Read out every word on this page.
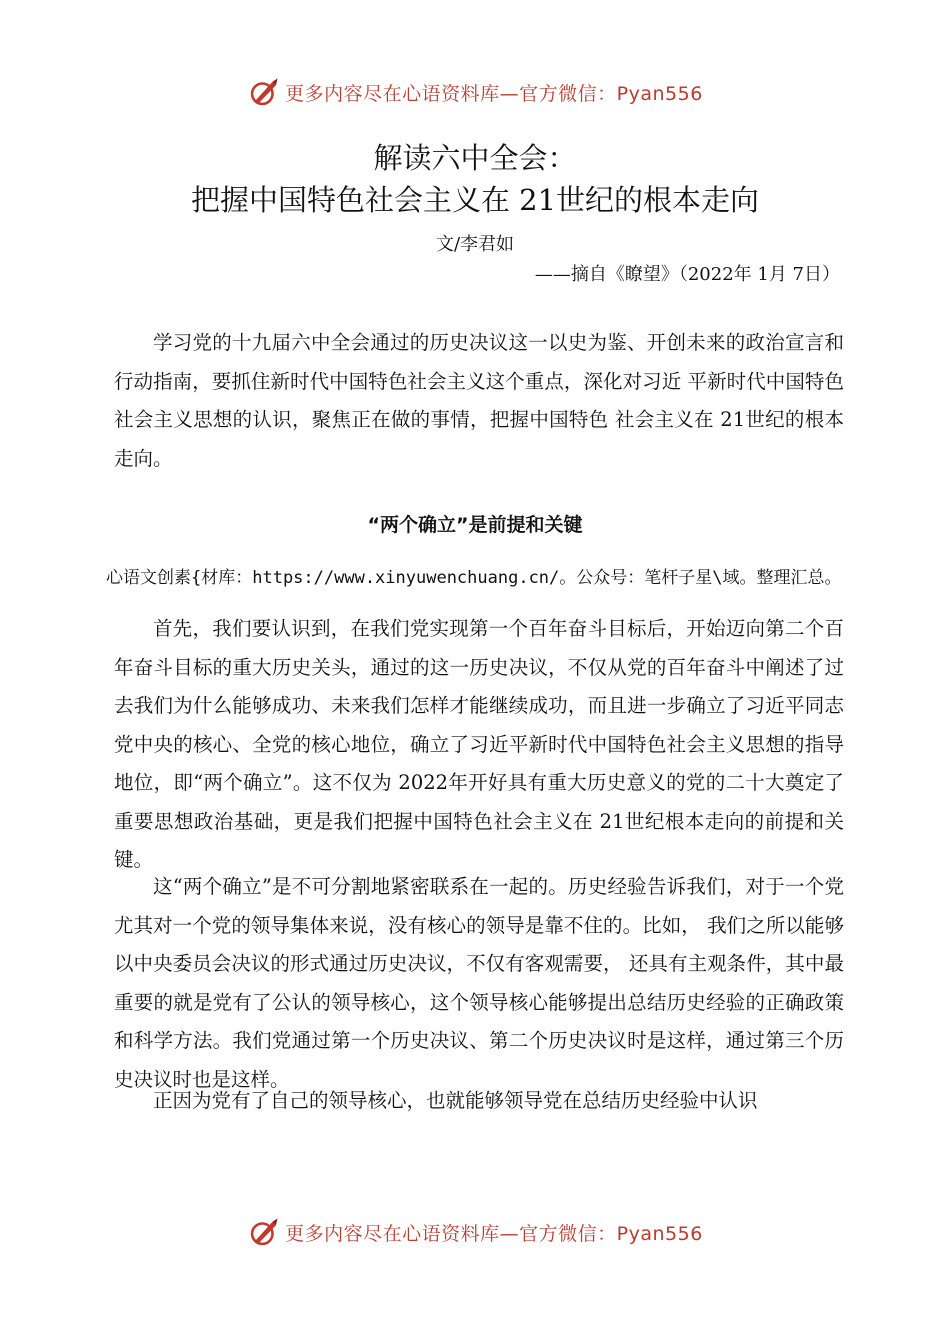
更多内容尽在心语资料库—官方微信：Pyan556
解读六中全会：
把握中国特色社会主义在 21世纪的根本走向
文/李君如
——摘自《瞭望》（2022年 1月 7日）

学习党的十九届六中全会通过的历史决议这一以史为鉴、开创未来的政治宣言和行动指南，要抓住新时代中国特色社会主义这个重点，深化对习近 平新时代中国特色社会主义思想的认识，聚焦正在做的事情，把握中国特色 社会主义在 21世纪的根本走向。

“两个确立”是前提和关键
心语文创素{材库：https://www.xinyuwenchuang.cn/。公众号：笔杆子星\域。整理汇总。

首先，我们要认识到，在我们党实现第一个百年奋斗目标后，开始迈向第二个百年奋斗目标的重大历史关头，通过的这一历史决议，不仅从党的百年奋斗中阐述了过去我们为什么能够成功、未来我们怎样才能继续成功，而且进一步确立了习近平同志党中央的核心、全党的核心地位，确立了习近平新时代中国特色社会主义思想的指导地位，即“两个确立”。这不仅为 2022年开好具有重大历史意义的党的二十大奠定了重要思想政治基础，更是我们把握中国特色社会主义在 21世纪根本走向的前提和关键。

这“两个确立”是不可分割地紧密联系在一起的。历史经验告诉我们，对于一个党尤其对一个党的领导集体来说，没有核心的领导是靠不住的。比如， 我们之所以能够以中央委员会决议的形式通过历史决议，不仅有客观需要， 还具有主观条件，其中最重要的就是党有了公认的领导核心，这个领导核心能够提出总结历史经验的正确政策和科学方法。我们党通过第一个历史决议、第二个历史决议时是这样，通过第三个历史决议时也是这样。

正因为党有了自己的领导核心，也就能够领导党在总结历史经验中认识

更多内容尽在心语资料库—官方微信：Pyan556
